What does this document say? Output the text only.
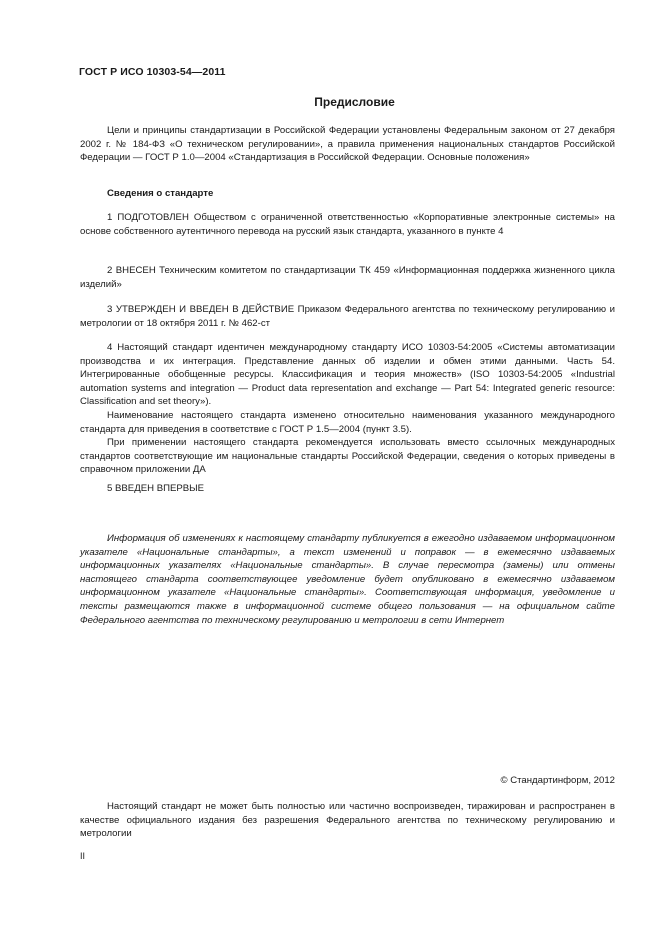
ГОСТ Р ИСО 10303-54—2011
Предисловие

Цели и принципы стандартизации в Российской Федерации установлены Федеральным законом от 27 декабря 2002 г. № 184-ФЗ «О техническом регулировании», а правила применения национальных стандартов Российской Федерации — ГОСТ Р 1.0—2004 «Стандартизация в Российской Федерации. Основные положения»

Сведения о стандарте

1 ПОДГОТОВЛЕН Обществом с ограниченной ответственностью «Корпоративные электронные системы» на основе собственного аутентичного перевода на русский язык стандарта, указанного в пункте 4

2 ВНЕСЕН Техническим комитетом по стандартизации ТК 459 «Информационная поддержка жизненного цикла изделий»

3 УТВЕРЖДЕН И ВВЕДЕН В ДЕЙСТВИЕ Приказом Федерального агентства по техническому регулированию и метрологии от 18 октября 2011 г. № 462-ст

4 Настоящий стандарт идентичен международному стандарту ИСО 10303-54:2005 «Системы автоматизации производства и их интеграция. Представление данных об изделии и обмен этими данными. Часть 54. Интегрированные обобщенные ресурсы. Классификация и теория множеств» (ISO 10303-54:2005 «Industrial automation systems and integration — Product data representation and exchange — Part 54: Integrated generic resource: Classification and set theory»).

Наименование настоящего стандарта изменено относительно наименования указанного международного стандарта для приведения в соответствие с ГОСТ Р 1.5—2004 (пункт 3.5).

При применении настоящего стандарта рекомендуется использовать вместо ссылочных международных стандартов соответствующие им национальные стандарты Российской Федерации, сведения о которых приведены в справочном приложении ДА

5 ВВЕДЕН ВПЕРВЫЕ

Информация об изменениях к настоящему стандарту публикуется в ежегодно издаваемом информационном указателе «Национальные стандарты», а текст изменений и поправок — в ежемесячно издаваемых информационных указателях «Национальные стандарты». В случае пересмотра (замены) или отмены настоящего стандарта соответствующее уведомление будет опубликовано в ежемесячно издаваемом информационном указателе «Национальные стандарты». Соответствующая информация, уведомление и тексты размещаются также в информационной системе общего пользования — на официальном сайте Федерального агентства по техническому регулированию и метрологии в сети Интернет

© Стандартинформ, 2012

Настоящий стандарт не может быть полностью или частично воспроизведен, тиражирован и распространен в качестве официального издания без разрешения Федерального агентства по техническому регулированию и метрологии

II
